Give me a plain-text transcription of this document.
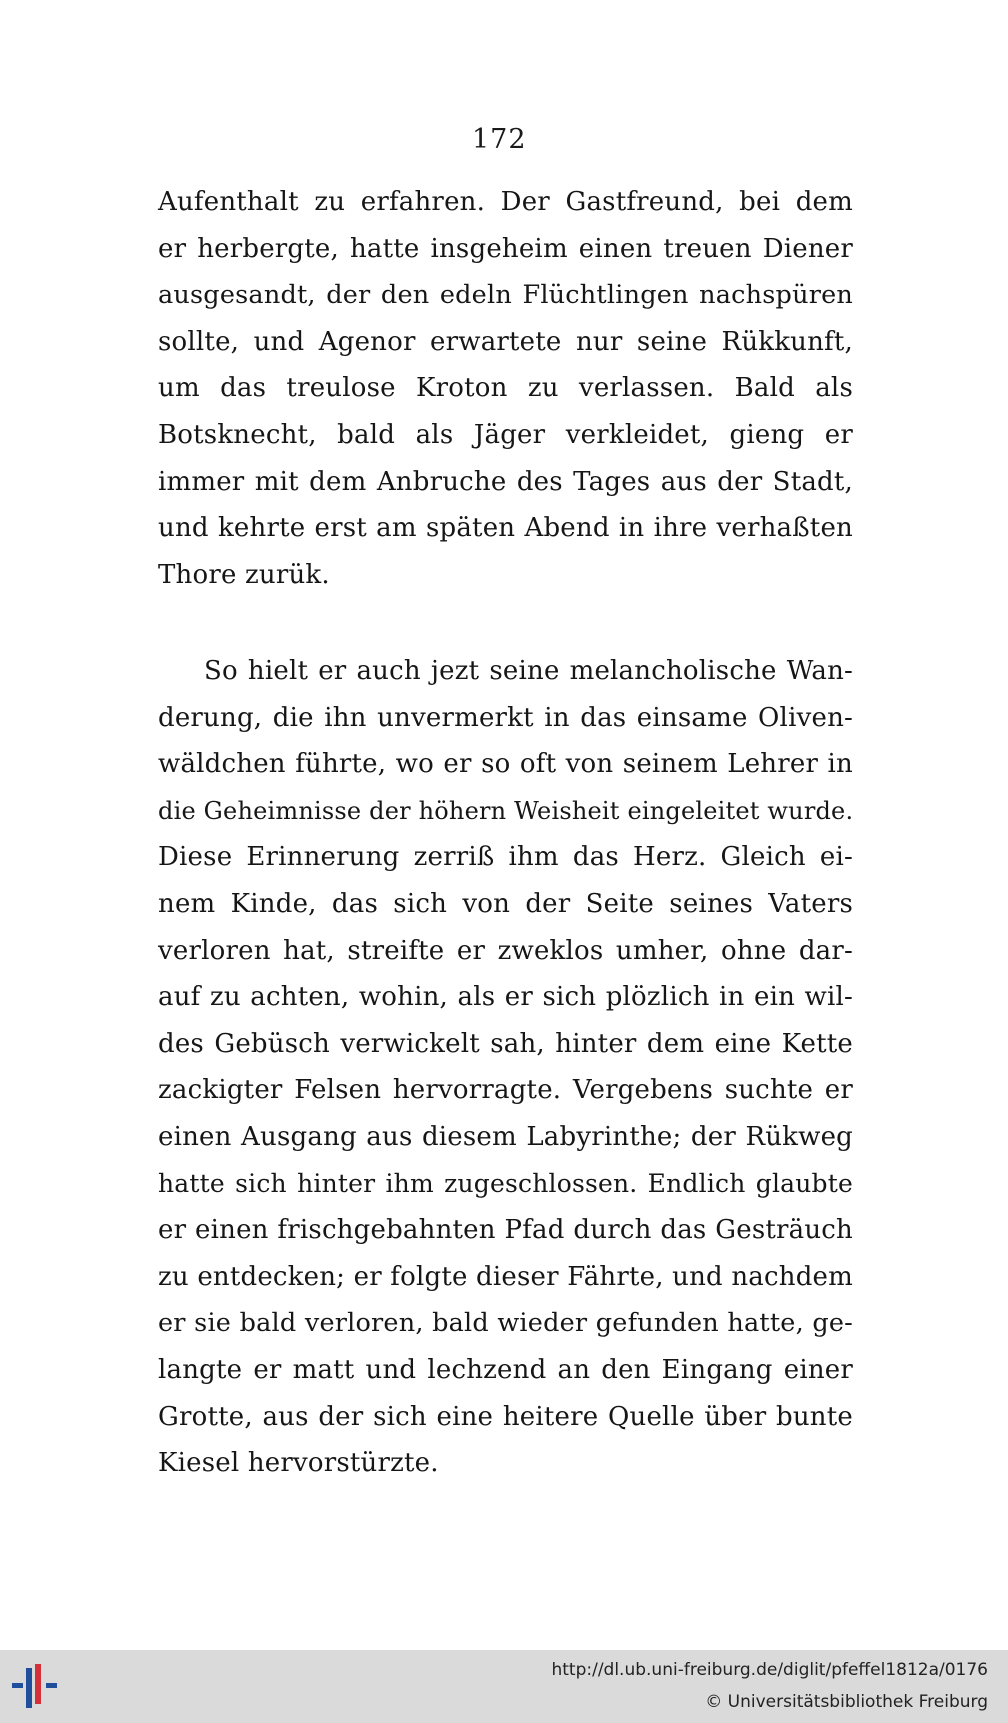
172
Aufenthalt zu erfahren. Der Gastfreund, bei dem
er herbergte, hatte insgeheim einen treuen Diener
ausgesandt, der den edeln Flüchtlingen nachspüren
sollte, und Agenor erwartete nur seine Rükkunft,
um das treulose Kroton zu verlassen. Bald als
Botsknecht, bald als Jäger verkleidet, gieng er
immer mit dem Anbruche des Tages aus der Stadt,
und kehrte erst am späten Abend in ihre verhaßten
Thore zurük.
So hielt er auch jezt seine melancholische Wan-
derung, die ihn unvermerkt in das einsame Oliven-
wäldchen führte, wo er so oft von seinem Lehrer in
die Geheimnisse der höhern Weisheit eingeleitet wurde.
Diese Erinnerung zerriß ihm das Herz. Gleich ei-
nem Kinde, das sich von der Seite seines Vaters
verloren hat, streifte er zweklos umher, ohne dar-
auf zu achten, wohin, als er sich plözlich in ein wil-
des Gebüsch verwickelt sah, hinter dem eine Kette
zackigter Felsen hervorragte. Vergebens suchte er
einen Ausgang aus diesem Labyrinthe; der Rükweg
hatte sich hinter ihm zugeschlossen. Endlich glaubte
er einen frischgebahnten Pfad durch das Gesträuch
zu entdecken; er folgte dieser Fährte, und nachdem
er sie bald verloren, bald wieder gefunden hatte, ge-
langte er matt und lechzend an den Eingang einer
Grotte, aus der sich eine heitere Quelle über bunte
Kiesel hervorstürzte.
http://dl.ub.uni-freiburg.de/diglit/pfeffel1812a/0176
© Universitätsbibliothek Freiburg
